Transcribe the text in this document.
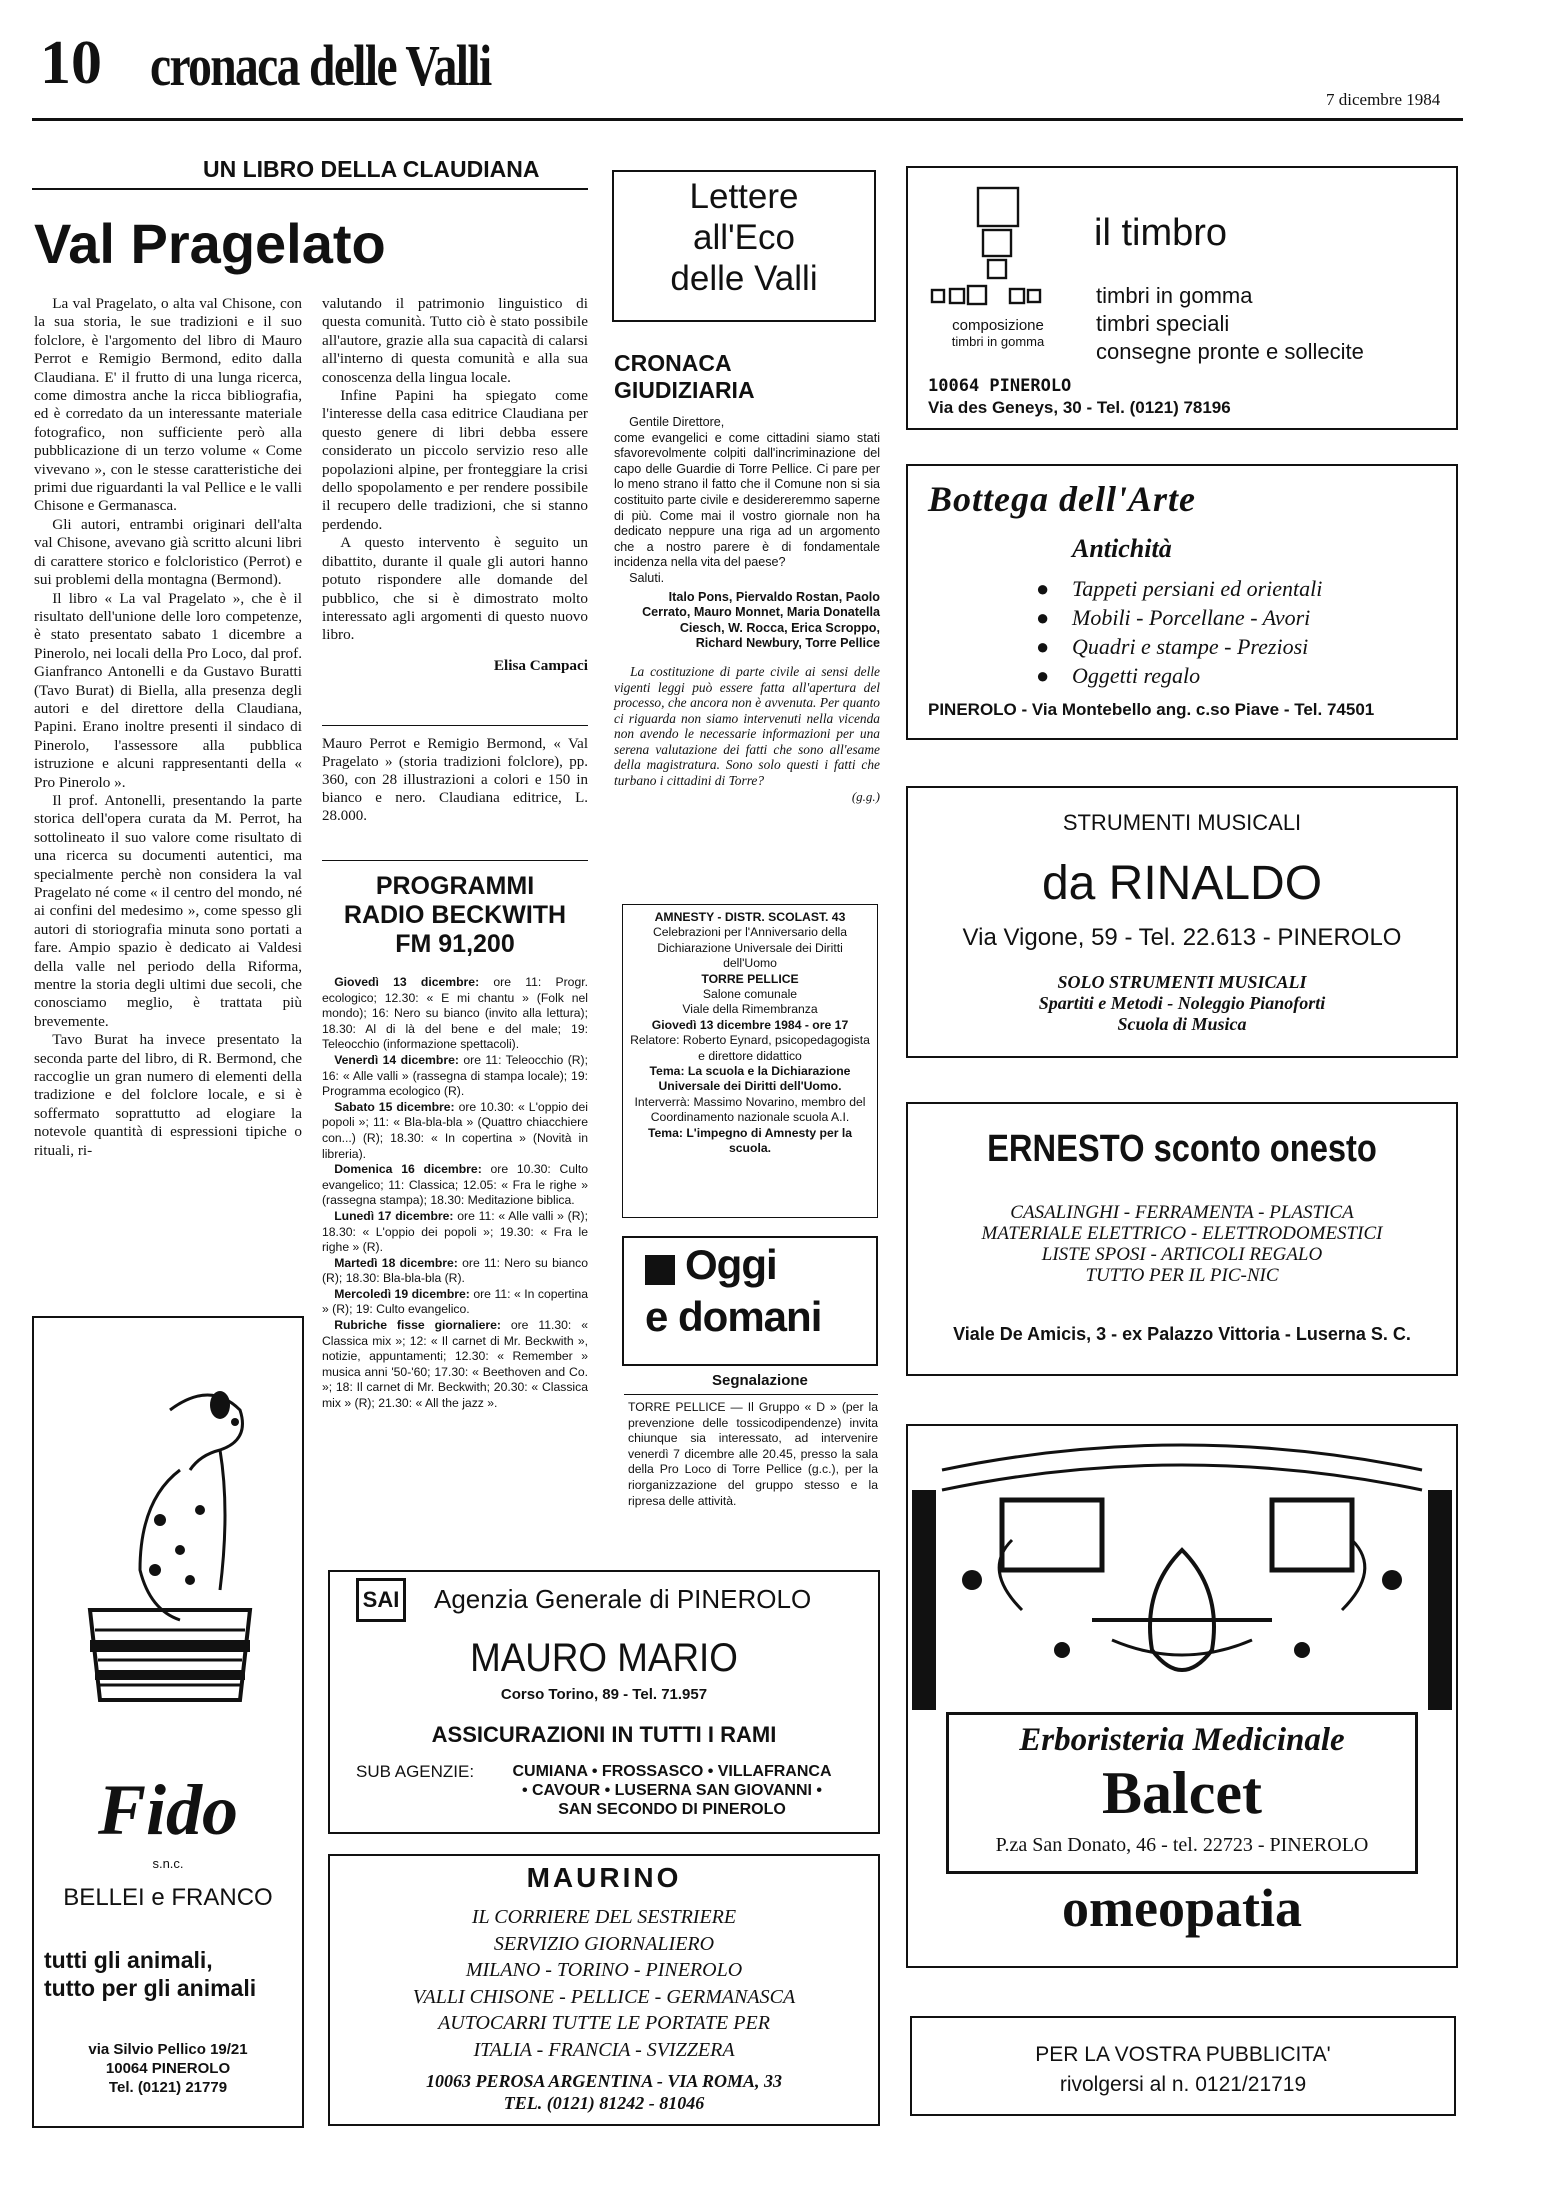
10 cronaca delle Valli
7 dicembre 1984
UN LIBRO DELLA CLAUDIANA
Val Pragelato

La val Pragelato, o alta val Chisone, con la sua storia, le sue tradizioni e il suo folclore, è l'argomento del libro di Mauro Perrot e Remigio Bermond, edito dalla Claudiana. E' il frutto di una lunga ricerca, come dimostra anche la ricca bibliografia, ed è corredato da un interessante materiale fotografico, non sufficiente però alla pubblicazione di un terzo volume « Come vivevano », con le stesse caratteristiche dei primi due riguardanti la val Pellice e le valli Chisone e Germanasca.

Gli autori, entrambi originari dell'alta val Chisone, avevano già scritto alcuni libri di carattere storico e folcloristico (Perrot) e sui problemi della montagna (Bermond).

Il libro « La val Pragelato », che è il risultato dell'unione delle loro competenze, è stato presentato sabato 1 dicembre a Pinerolo, nei locali della Pro Loco, dal prof. Gianfranco Antonelli e da Gustavo Buratti (Tavo Burat) di Biella, alla presenza degli autori e del direttore della Claudiana, Papini. Erano inoltre presenti il sindaco di Pinerolo, l'assessore alla pubblica istruzione e alcuni rappresentanti della « Pro Pinerolo ».

Il prof. Antonelli, presentando la parte storica dell'opera curata da M. Perrot, ha sottolineato il suo valore come risultato di una ricerca su documenti autentici, ma specialmente perchè non considera la val Pragelato né come « il centro del mondo, né ai confini del medesimo », come spesso gli autori di storiografia minuta sono portati a fare. Ampio spazio è dedicato ai Valdesi della valle nel periodo della Riforma, mentre la storia degli ultimi due secoli, che conosciamo meglio, è trattata più brevemente.

Tavo Burat ha invece presentato la seconda parte del libro, di R. Bermond, che raccoglie un gran numero di elementi della tradizione e del folclore locale, e si è soffermato soprattutto ad elogiare la notevole quantità di espressioni tipiche o rituali, ri-

valutando il patrimonio linguistico di questa comunità. Tutto ciò è stato possibile all'autore, grazie alla sua capacità di calarsi all'interno di questa comunità e alla sua conoscenza della lingua locale.

Infine Papini ha spiegato come l'interesse della casa editrice Claudiana per questo genere di libri debba essere considerato un piccolo servizio reso alle popolazioni alpine, per fronteggiare la crisi dello spopolamento e per rendere possibile il recupero delle tradizioni, che si stanno perdendo.

A questo intervento è seguito un dibattito, durante il quale gli autori hanno potuto rispondere alle domande del pubblico, che si è dimostrato molto interessato agli argomenti di questo nuovo libro.

Elisa Campaci

Mauro Perrot e Remigio Bermond, « Val Pragelato » (storia tradizioni folclore), pp. 360, con 28 illustrazioni a colori e 150 in bianco e nero. Claudiana editrice, L. 28.000.
PROGRAMMI
RADIO BECKWITH
FM 91,200
Giovedì 13 dicembre: ore 11: Progr. ecologico; 12.30: « E mi chantu » (Folk nel mondo); 16: Nero su bianco (invito alla lettura); 18.30: Al di là del bene e del male; 19: Teleocchio (informazione spettacoli).
Venerdì 14 dicembre: ore 11: Teleocchio (R); 16: « Alle valli » (rassegna di stampa locale); 19: Programma ecologico (R).
Sabato 15 dicembre: ore 10.30: « L'oppio dei popoli »; 11: « Bla-bla-bla » (Quattro chiacchiere con...) (R); 18.30: « In copertina » (Novità in libreria).
Domenica 16 dicembre: ore 10.30: Culto evangelico; 11: Classica; 12.05: « Fra le righe » (rassegna stampa); 18.30: Meditazione biblica.
Lunedì 17 dicembre: ore 11: « Alle valli » (R); 18.30: « L'oppio dei popoli »; 19.30: « Fra le righe » (R).
Martedì 18 dicembre: ore 11: Nero su bianco (R); 18.30: Bla-bla-bla (R).
Mercoledì 19 dicembre: ore 11: « In copertina » (R); 19: Culto evangelico.
Rubriche fisse giornaliere: ore 11.30: « Classica mix »; 12: « Il carnet di Mr. Beckwith », notizie, appuntamenti; 12.30: « Remember » musica anni '50-'60; 17.30: « Beethoven and Co. »; 18: Il carnet di Mr. Beckwith; 20.30: « Classica mix » (R); 21.30: « All the jazz ».
Lettere
all'Eco
delle Valli
CRONACA
GIUDIZIARIA
Gentile Direttore,
come evangelici e come cittadini siamo stati sfavorevolmente colpiti dall'incriminazione del capo delle Guardie di Torre Pellice. Ci pare per lo meno strano il fatto che il Comune non si sia costituito parte civile e desidereremmo saperne di più. Come mai il vostro giornale non ha dedicato neppure una riga ad un argomento che a nostro parere è di fondamentale incidenza nella vita del paese?
Saluti.
Italo Pons, Piervaldo Rostan, Paolo Cerrato, Mauro Monnet, Maria Donatella Ciesch, W. Rocca, Erica Scroppo, Richard Newbury, Torre Pellice
La costituzione di parte civile ai sensi delle vigenti leggi può essere fatta all'apertura del processo, che ancora non è avvenuta. Per quanto ci riguarda non siamo intervenuti nella vicenda non avendo le necessarie informazioni per una serena valutazione dei fatti che sono all'esame della magistratura. Sono solo questi i fatti che turbano i cittadini di Torre?
(g.g.)
AMNESTY - DISTR. SCOLAST. 43
Celebrazioni per l'Anniversario della Dichiarazione Universale dei Diritti dell'Uomo
TORRE PELLICE
Salone comunale
Viale della Rimembranza
Giovedì 13 dicembre 1984 - ore 17
Relatore: Roberto Eynard, psicopedagogista e direttore didattico
Tema: La scuola e la Dichiarazione Universale dei Diritti dell'Uomo.
Interverrà: Massimo Novarino, membro del Coordinamento nazionale scuola A.I.
Tema: L'impegno di Amnesty per la scuola.
Oggi
e domani
Segnalazione
TORRE PELLICE — Il Gruppo « D » (per la prevenzione delle tossicodipendenze) invita chiunque sia interessato, ad intervenire venerdì 7 dicembre alle 20.45, presso la sala della Pro Loco di Torre Pellice (g.c.), per la riorganizzazione del gruppo stesso e la ripresa delle attività.
composizione
timbri in gomma
il timbro
timbri in gomma
timbri speciali
consegne pronte e sollecite
10064 PINEROLO
Via des Geneys, 30 - Tel. (0121) 78196
Bottega dell'Arte
Antichità
● Tappeti persiani ed orientali
● Mobili - Porcellane - Avori
● Quadri e stampe - Preziosi
● Oggetti regalo
PINEROLO - Via Montebello ang. c.so Piave - Tel. 74501
STRUMENTI MUSICALI
da RINALDO
Via Vigone, 59 - Tel. 22.613 - PINEROLO
SOLO STRUMENTI MUSICALI
Spartiti e Metodi - Noleggio Pianoforti
Scuola di Musica
ERNESTO sconto onesto
CASALINGHI - FERRAMENTA - PLASTICA
MATERIALE ELETTRICO - ELETTRODOMESTICI
LISTE SPOSI - ARTICOLI REGALO
TUTTO PER IL PIC-NIC
Viale De Amicis, 3 - ex Palazzo Vittoria - Luserna S. C.
Erboristeria Medicinale
Balcet
P.za San Donato, 46 - tel. 22723 - PINEROLO
omeopatia
PER LA VOSTRA PUBBLICITA'
rivolgersi al n. 0121/21719
Fido
s.n.c.
BELLEI e FRANCO
tutti gli animali,
tutto per gli animali
via Silvio Pellico 19/21
10064 PINEROLO
Tel. (0121) 21779
SAI Agenzia Generale di PINEROLO
MAURO MARIO
Corso Torino, 89 - Tel. 71.957
ASSICURAZIONI IN TUTTI I RAMI
SUB AGENZIE:	CUMIANA • FROSSASCO • VILLAFRANCA
• CAVOUR • LUSERNA SAN GIOVANNI •
SAN SECONDO DI PINEROLO
MAURINO
IL CORRIERE DEL SESTRIERE
SERVIZIO GIORNALIERO
MILANO - TORINO - PINEROLO
VALLI CHISONE - PELLICE - GERMANASCA
AUTOCARRI TUTTE LE PORTATE PER
ITALIA - FRANCIA - SVIZZERA
10063 PEROSA ARGENTINA - VIA ROMA, 33
TEL. (0121) 81242 - 81046
